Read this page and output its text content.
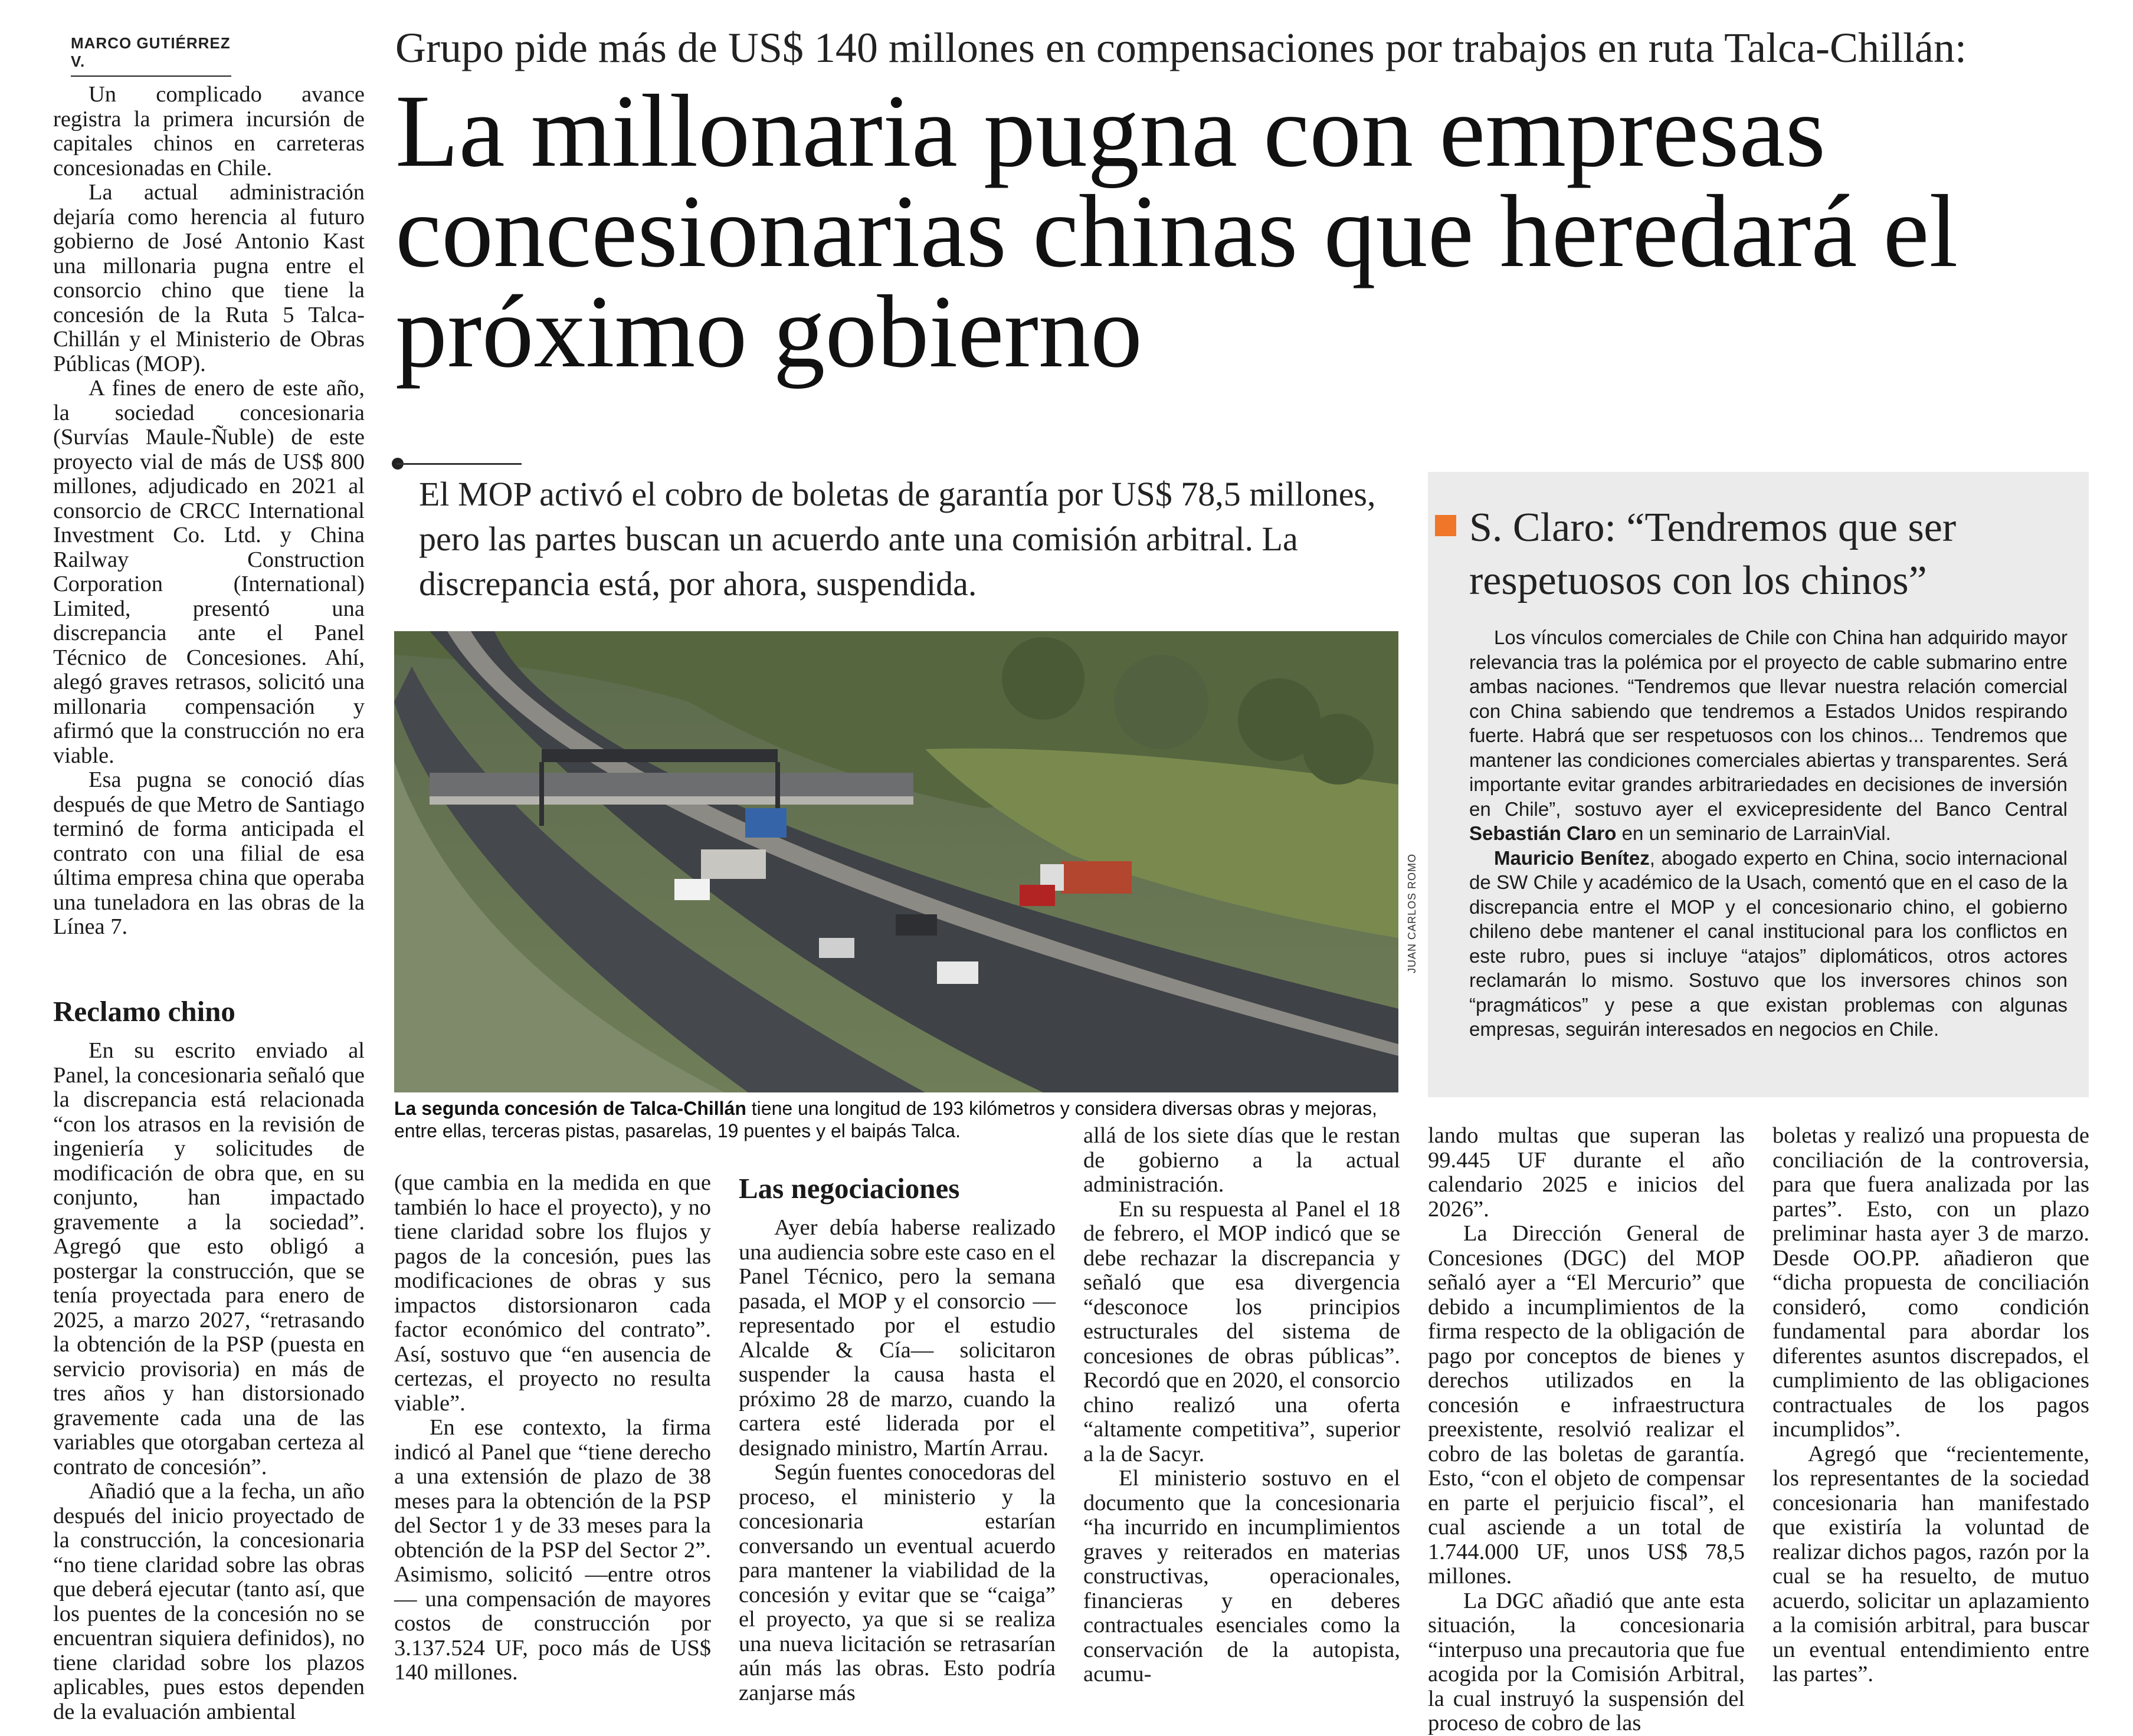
MARCO GUTIÉRREZ V.	Grupo pide más de US$ 140 millones en compensaciones por trabajos en ruta Talca-Chillán:
La millonaria pugna con empresas concesionarias chinas que heredará el próximo gobierno
El MOP activó el cobro de boletas de garantía por US$ 78,5 millones, pero las partes buscan un acuerdo ante una comisión arbitral. La discrepancia está, por ahora, suspendida.

Un complicado avance registra la primera incursión de capitales chinos en carreteras concesionadas en Chile.

La actual administración dejaría como herencia al futuro gobierno de José Antonio Kast una millonaria pugna entre el consorcio chino que tiene la concesión de la Ruta 5 Talca-Chillán y el Ministerio de Obras Públicas (MOP).

A fines de enero de este año, la sociedad concesionaria (Survías Maule-Ñuble) de este proyecto vial de más de US$ 800 millones, adjudicado en 2021 al consorcio de CRCC International Investment Co. Ltd. y China Railway Construction Corporation (International) Limited, presentó una discrepancia ante el Panel Técnico de Concesiones. Ahí, alegó graves retrasos, solicitó una millonaria compensación y afirmó que la construcción no era viable.

Esa pugna se conoció días después de que Metro de Santiago terminó de forma anticipada el contrato con una filial de esa última empresa china que operaba una tuneladora en las obras de la Línea 7.

Reclamo chino

En su escrito enviado al Panel, la concesionaria señaló que la discrepancia está relacionada “con los atrasos en la revisión de ingeniería y solicitudes de modificación de obra que, en su conjunto, han impactado gravemente a la sociedad”. Agregó que esto obligó a postergar la construcción, que se tenía proyectada para enero de 2025, a marzo 2027, “retrasando la obtención de la PSP (puesta en servicio provisoria) en más de tres años y han distorsionado gravemente cada una de las variables que otorgaban certeza al contrato de concesión”.

Añadió que a la fecha, un año después del inicio proyectado de la construcción, la concesionaria “no tiene claridad sobre las obras que deberá ejecutar (tanto así, que los puentes de la concesión no se encuentran siquiera definidos), no tiene claridad sobre los plazos aplicables, pues estos dependen de la evaluación ambiental

JUAN CARLOS ROMO
La segunda concesión de Talca-Chillán tiene una longitud de 193 kilómetros y considera diversas obras y mejoras, entre ellas, terceras pistas, pasarelas, 19 puentes y el baipás Talca.
S. Claro: “Tendremos que ser respetuosos con los chinos”

Los vínculos comerciales de Chile con China han adquirido mayor relevancia tras la polémica por el proyecto de cable submarino entre ambas naciones. “Tendremos que llevar nuestra relación comercial con China sabiendo que tendremos a Estados Unidos respirando fuerte. Habrá que ser respetuosos con los chinos... Tendremos que mantener las condiciones comerciales abiertas y transparentes. Será importante evitar grandes arbitrariedades en decisiones de inversión en Chile”, sostuvo ayer el exvicepresidente del Banco Central Sebastián Claro en un seminario de LarrainVial.

Mauricio Benítez, abogado experto en China, socio internacional de SW Chile y académico de la Usach, comentó que en el caso de la discrepancia entre el MOP y el concesionario chino, el gobierno chileno debe mantener el canal institucional para los conflictos en este rubro, pues si incluye “atajos” diplomáticos, otros actores reclamarán lo mismo. Sostuvo que los inversores chinos son “pragmáticos” y pese a que existan problemas con algunas empresas, seguirán interesados en negocios en Chile.

(que cambia en la medida en que también lo hace el proyecto), y no tiene claridad sobre los flujos y pagos de la concesión, pues las modificaciones de obras y sus impactos distorsionaron cada factor económico del contrato”. Así, sostuvo que “en ausencia de certezas, el proyecto no resulta viable”.

En ese contexto, la firma indicó al Panel que “tiene derecho a una extensión de plazo de 38 meses para la obtención de la PSP del Sector 1 y de 33 meses para la obtención de la PSP del Sector 2”. Asimismo, solicitó —entre otros— una compensación de mayores costos de construcción por 3.137.524 UF, poco más de US$ 140 millones.

Las negociaciones

Ayer debía haberse realizado una audiencia sobre este caso en el Panel Técnico, pero la semana pasada, el MOP y el consorcio —representado por el estudio Alcalde & Cía— solicitaron suspender la causa hasta el próximo 28 de marzo, cuando la cartera esté liderada por el designado ministro, Martín Arrau.

Según fuentes conocedoras del proceso, el ministerio y la concesionaria estarían conversando un eventual acuerdo para mantener la viabilidad de la concesión y evitar que se “caiga” el proyecto, ya que si se realiza una nueva licitación se retrasarían aún más las obras. Esto podría zanjarse más

allá de los siete días que le restan de gobierno a la actual administración.

En su respuesta al Panel el 18 de febrero, el MOP indicó que se debe rechazar la discrepancia y señaló que esa divergencia “desconoce los principios estructurales del sistema de concesiones de obras públicas”. Recordó que en 2020, el consorcio chino realizó una oferta “altamente competitiva”, superior a la de Sacyr.

El ministerio sostuvo en el documento que la concesionaria “ha incurrido en incumplimientos graves y reiterados en materias constructivas, operacionales, financieras y en deberes contractuales esenciales como la conservación de la autopista, acumu-

lando multas que superan las 99.445 UF durante el año calendario 2025 e inicios del 2026”.

La Dirección General de Concesiones (DGC) del MOP señaló ayer a “El Mercurio” que debido a incumplimientos de la firma respecto de la obligación de pago por conceptos de bienes y derechos utilizados en la concesión e infraestructura preexistente, resolvió realizar el cobro de las boletas de garantía. Esto, “con el objeto de compensar en parte el perjuicio fiscal”, el cual asciende a un total de 1.744.000 UF, unos US$ 78,5 millones.

La DGC añadió que ante esta situación, la concesionaria “interpuso una precautoria que fue acogida por la Comisión Arbitral, la cual instruyó la suspensión del proceso de cobro de las

boletas y realizó una propuesta de conciliación de la controversia, para que fuera analizada por las partes”. Esto, con un plazo preliminar hasta ayer 3 de marzo. Desde OO.PP. añadieron que “dicha propuesta de conciliación consideró, como condición fundamental para abordar los diferentes asuntos discrepados, el cumplimiento de las obligaciones contractuales de los pagos incumplidos”.

Agregó que “recientemente, los representantes de la sociedad concesionaria han manifestado que existiría la voluntad de realizar dichos pagos, razón por la cual se ha resuelto, de mutuo acuerdo, solicitar un aplazamiento a la comisión arbitral, para buscar un eventual entendimiento entre las partes”.
